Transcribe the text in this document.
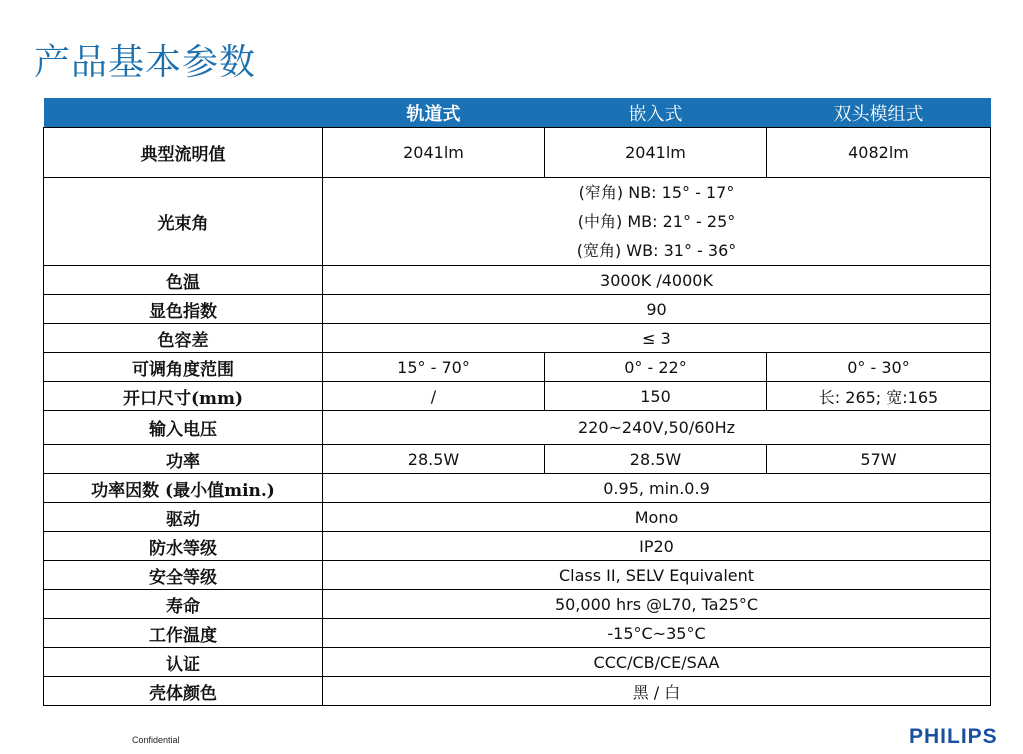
产品基本参数
	轨道式	嵌入式	双头模组式
典型流明值	2041lm	2041lm	4082lm
光束角	(窄角) NB: 15° - 17°
(中角) MB: 21° - 25°
(宽角) WB: 31° - 36°		

色温	3000K /4000K		
显色指数	90		
色容差	≤ 3		
可调角度范围	15° - 70°	0° - 22°	0° - 30°
开口尺寸(mm)	/	150	长: 265; 宽:165
输入电压	220~240V,50/60Hz		
功率	28.5W	28.5W	57W
功率因数 (最小值min.)	0.95, min.0.9		
驱动	Mono		
防水等级	IP20		
安全等级	Class II, SELV Equivalent		
寿命	50,000 hrs @L70, Ta25°C		
工作温度	-15°C~35°C		
认证	CCC/CB/CE/SAA		
壳体颜色	黑 / 白		
Confidential	PHILIPS
